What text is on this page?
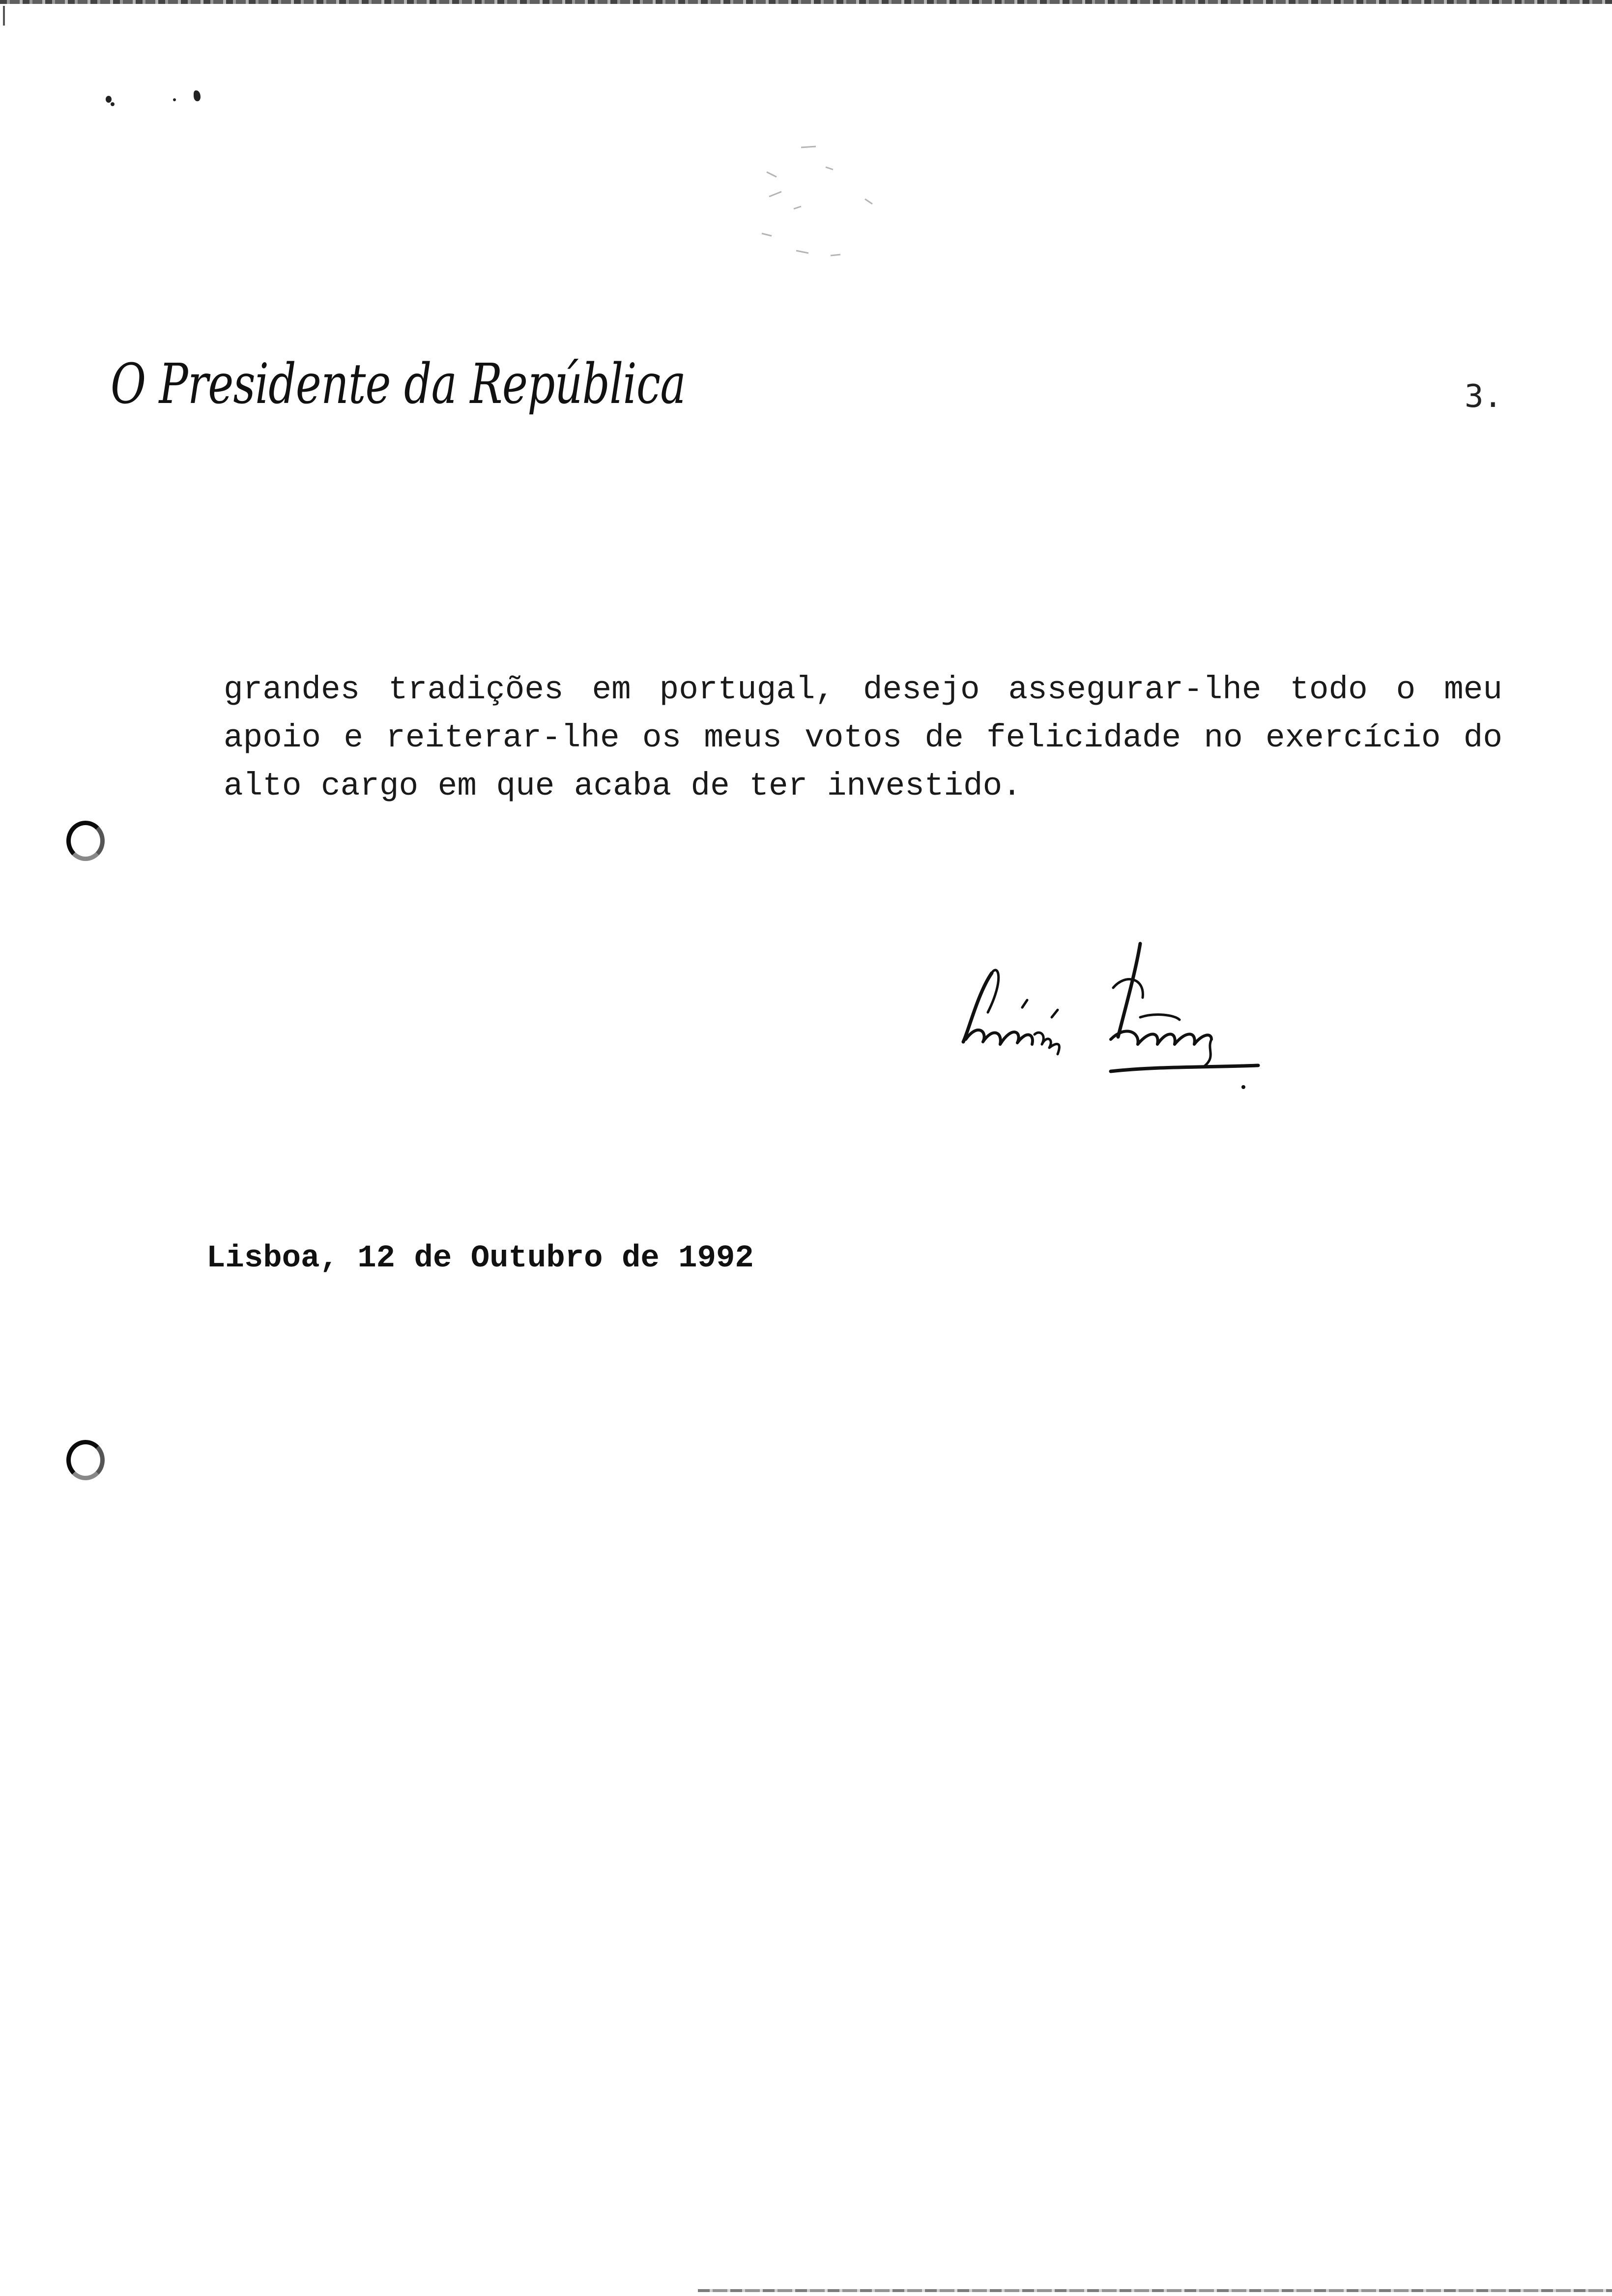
O Presidente da República	3.
grandes tradições em portugal, desejo assegurar-lhe todo o meu
apoio e reiterar-lhe os meus votos de felicidade no exercício do
alto cargo em que acaba de ter investido.
Lisboa, 12 de Outubro de 1992
